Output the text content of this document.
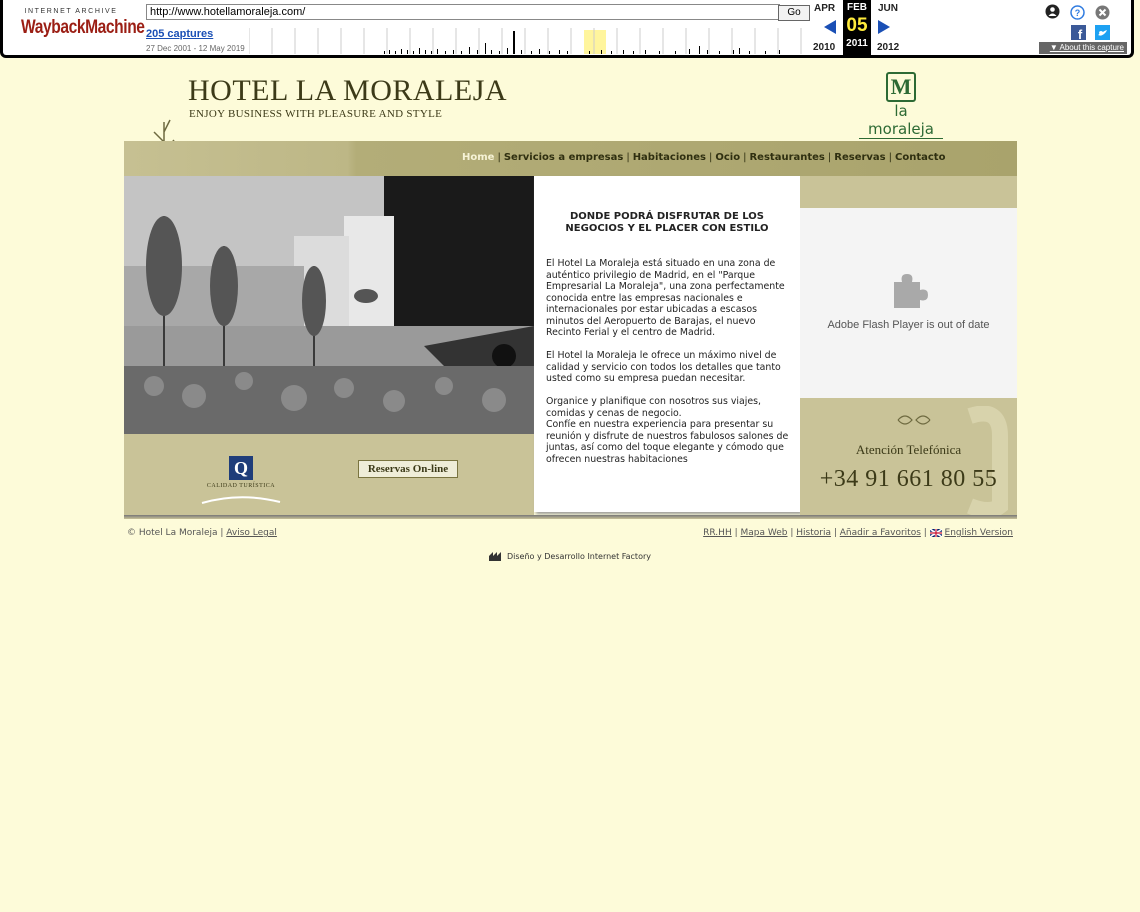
INTERNET ARCHIVE
WaybackMachine
http://www.hotellamoraleja.com/	Go
205 captures
27 Dec 2001 - 12 May 2019
APR	JUN
2010	2012
FEB
05
2011
?
f
▼ About this capture
HOTEL LA MORALEJA
ENJOY BUSINESS WITH PLEASURE AND STYLE
M
la moraleja
Home | Servicios a empresas | Habitaciones | Ocio | Restaurantes | Reservas | Contacto
Q
CALIDAD TURÍSTICA
Reservas On-line
DONDE PODRÁ DISFRUTAR DE LOS NEGOCIOS Y EL PLACER CON ESTILO

El Hotel La Moraleja está situado en una zona de auténtico privilegio de Madrid, en el "Parque Empresarial La Moraleja", una zona perfectamente conocida entre las empresas nacionales e internacionales por estar ubicadas a escasos minutos del Aeropuerto de Barajas, el nuevo Recinto Ferial y el centro de Madrid.

El Hotel la Moraleja le ofrece un máximo nivel de calidad y servicio con todos los detalles que tanto usted como su empresa puedan necesitar.

Organice y planifique con nosotros sus viajes, comidas y cenas de negocio.

Confíe en nuestra experiencia para presentar su reunión y disfrute de nuestros fabulosos salones de juntas, así como del toque elegante y cómodo que ofrecen nuestras habitaciones

Adobe Flash Player is out of date
Atención Telefónica
+34 91 661 80 55
© Hotel La Moraleja | Aviso Legal	RR.HH | Mapa Web | Historia | Añadir a Favoritos |  English Version
Diseño y Desarrollo Internet Factory
